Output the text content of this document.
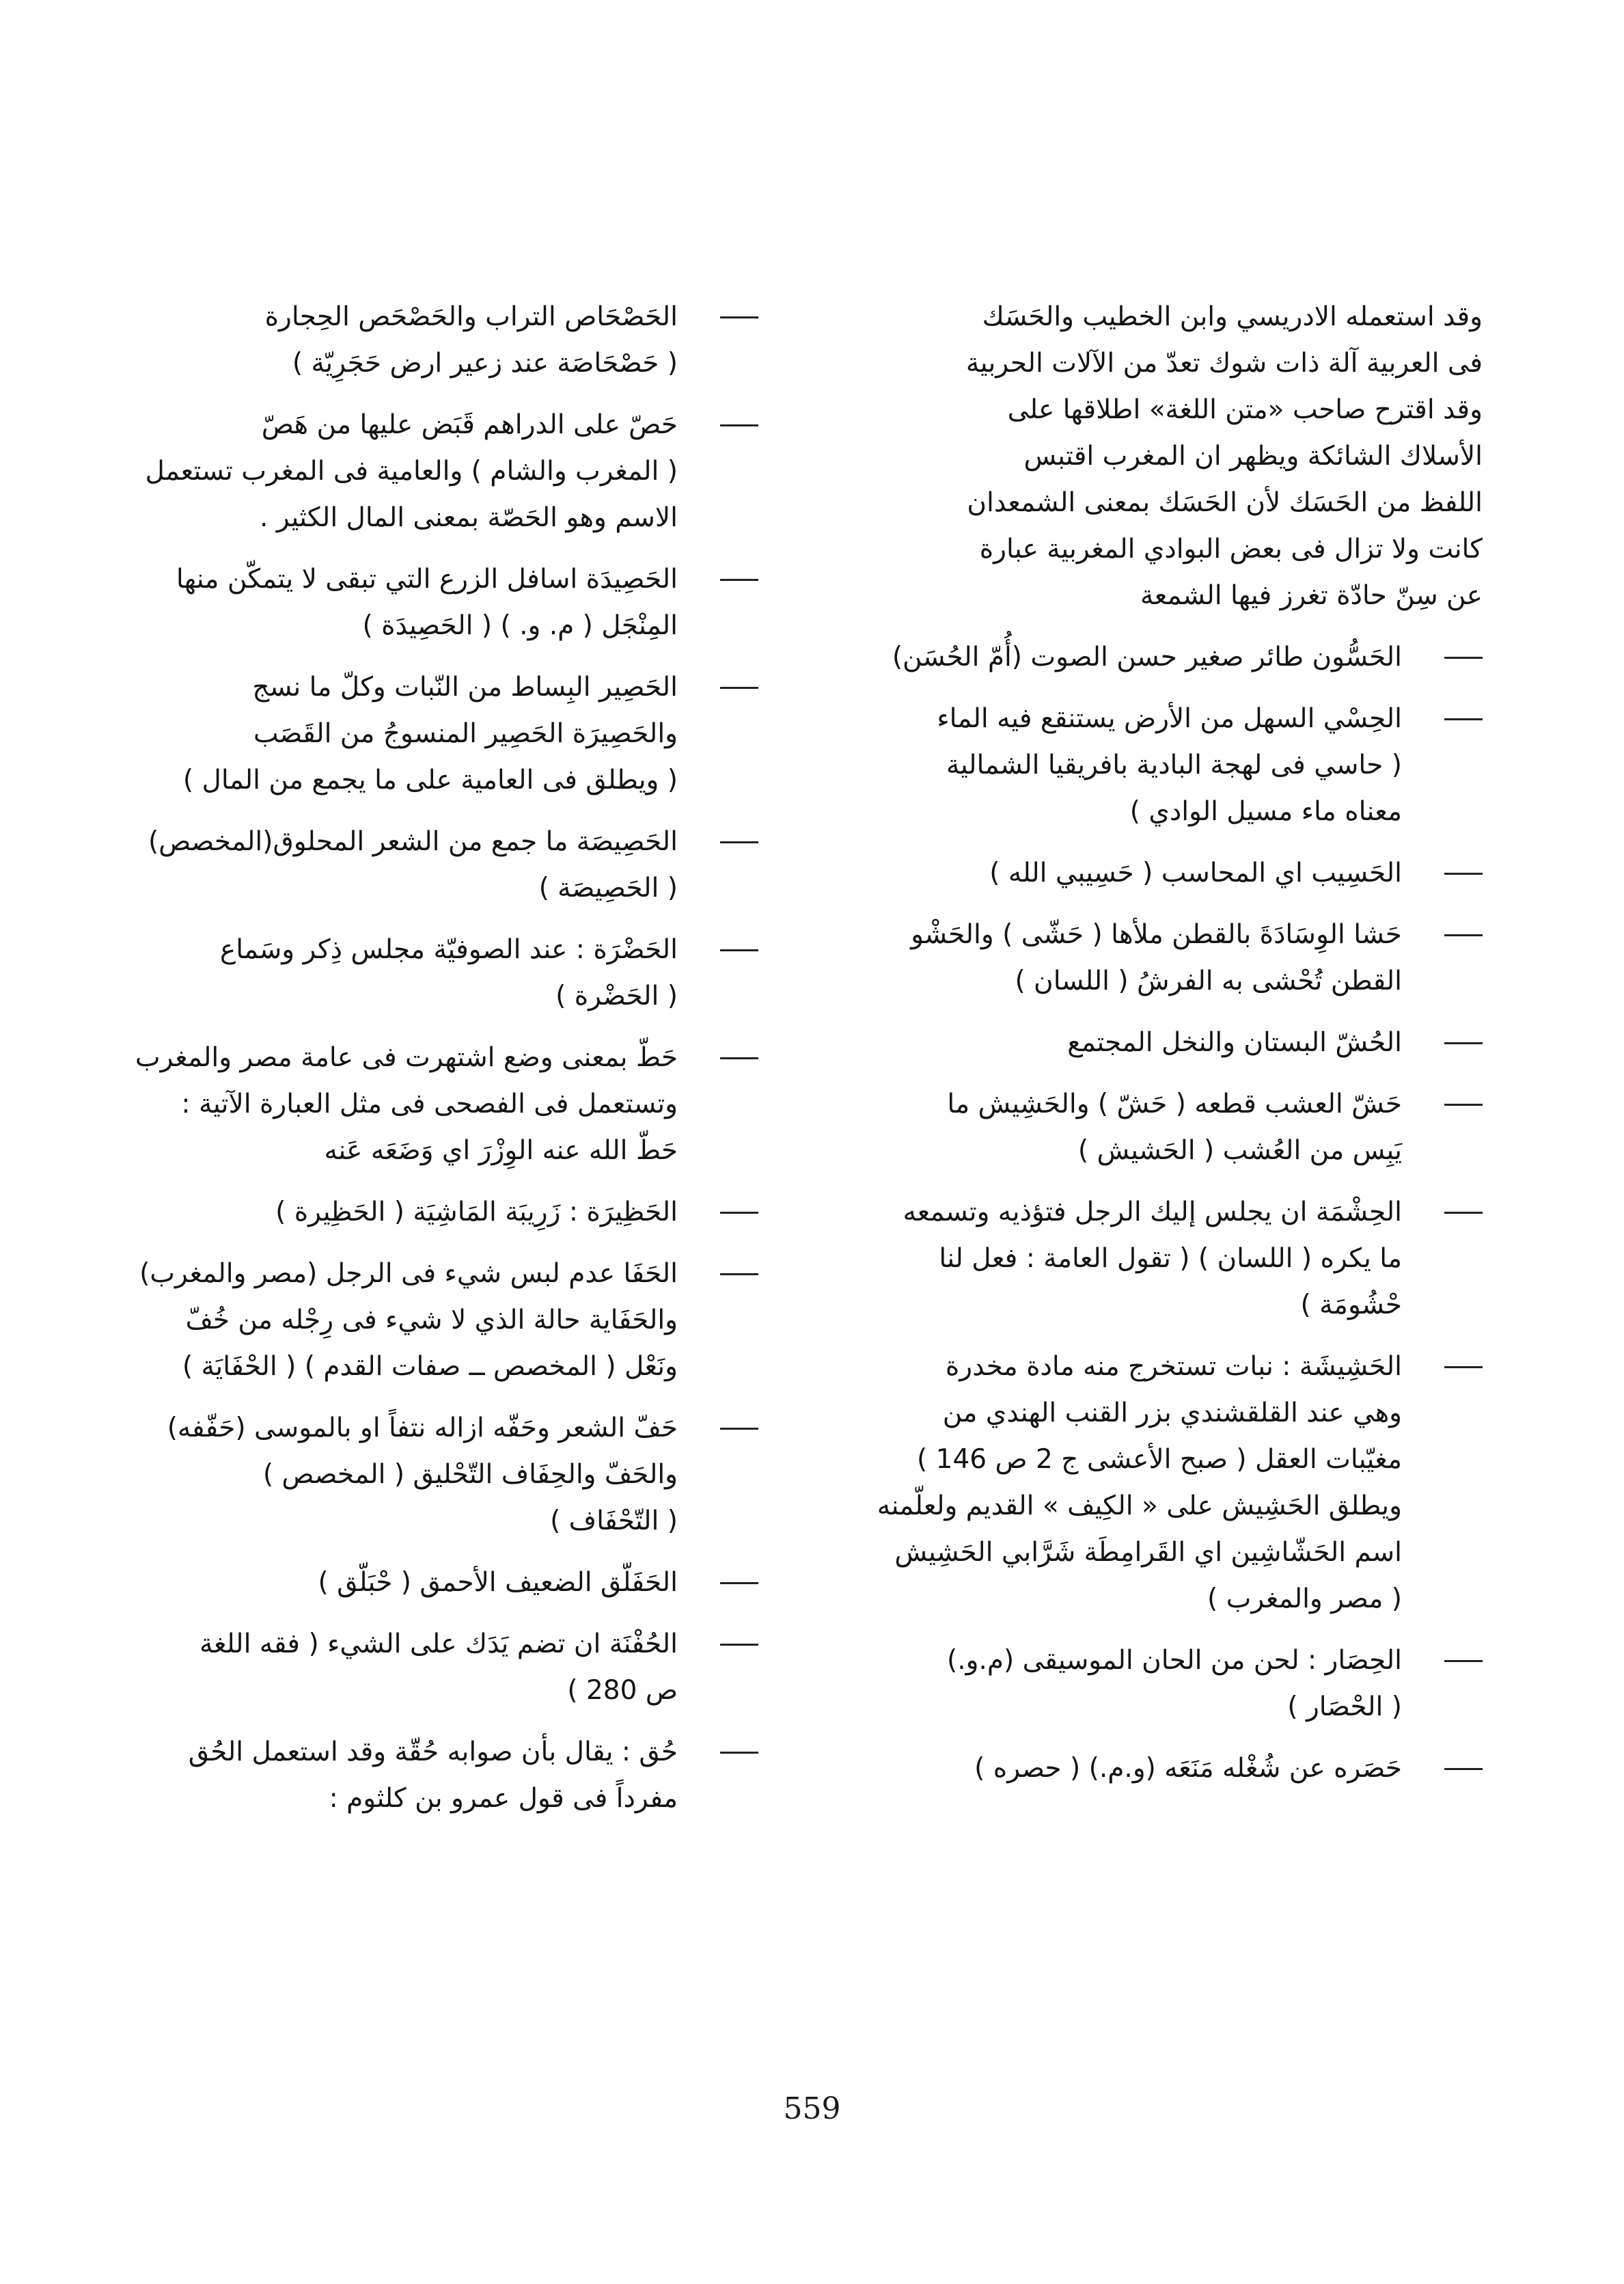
وقد استعمله الادريسي وابن الخطيب والحَسَك
فى العربية آلة ذات شوك تعدّ من الآلات الحربية
وقد اقترح صاحب «متن اللغة» اطلاقها على
الأسلاك الشائكة ويظهر ان المغرب اقتبس
اللفظ من الحَسَك لأن الحَسَك بمعنى الشمعدان
كانت ولا تزال فى بعض البوادي المغربية عبارة
عن سِنّ حادّة تغرز فيها الشمعة
الحَسُّون طائر صغير حسن الصوت (أُمّ الحُسَن)
الحِسْي السهل من الأرض يستنقع فيه الماء
( حاسي فى لهجة البادية بافريقيا الشمالية
معناه ماء مسيل الوادي )
الحَسِيب اي المحاسب ( حَسِيبي الله )
حَشا الوِسَادَةَ بالقطن ملأها ( حَشّى ) والحَشْو
القطن تُحْشى به الفرشُ ( اللسان )
الحُشّ البستان والنخل المجتمع
حَشّ العشب قطعه ( حَشّ ) والحَشِيش ما
يَبِس من العُشب ( الحَشيش )
الحِشْمَة ان يجلس إليك الرجل فتؤذيه وتسمعه
ما يكره ( اللسان ) ( تقول العامة : فعل لنا
حْشُومَة )
الحَشِيشَة : نبات تستخرج منه مادة مخدرة
وهي عند القلقشندي بزر القنب الهندي من
مغيّبات العقل ( صبح الأعشى ج 2 ص 146 )
ويطلق الحَشِيش على « الكِيف » القديم ولعلّمنه
اسم الحَشّاشِين اي القَرامِطَة شَرَّابي الحَشِيش
( مصر والمغرب )
الحِصَار : لحن من الحان الموسيقى (م.و.)
( الحْصَار )
حَصَره عن شُغْله مَنَعَه (و.م.) ( حصره )
الحَصْحَاص التراب والحَصْحَص الحِجارة
( حَصْحَاصَة عند زعير ارض حَجَرِيّة )
حَصّ على الدراهم قَبَض عليها من هَصّ
( المغرب والشام ) والعامية فى المغرب تستعمل
الاسم وهو الحَصّة بمعنى المال الكثير .
الحَصِيدَة اسافل الزرع التي تبقى لا يتمكّن منها
المِنْجَل ( م. و. ) ( الحَصِيدَة )
الحَصِير البِساط من النّبات وكلّ ما نسج
والحَصِيرَة الحَصِير المنسوجُ من القَصَب
( ويطلق فى العامية على ما يجمع من المال )
الحَصِيصَة ما جمع من الشعر المحلوق(المخصص)
( الحَصِيصَة )
الحَضْرَة : عند الصوفيّة مجلس ذِكر وسَماع
( الحَضْرة )
حَطّ بمعنى وضع اشتهرت فى عامة مصر والمغرب
وتستعمل فى الفصحى فى مثل العبارة الآتية :
حَطّ الله عنه الوِزْرَ اي وَضَعَه عَنه
الحَظِيرَة : زَرِيبَة المَاشِيَة ( الحَظِيرة )
الحَفَا عدم لبس شيء فى الرجل (مصر والمغرب)
والحَفَاية حالة الذي لا شيء فى رِجْله من خُفّ
ونَعْل ( المخصص ــ صفات القدم ) ( الحْفَايَة )
حَفّ الشعر وحَفّه ازاله نتفاً او بالموسى (حَفّفه)
والحَفّ والحِفَاف التّحْليق ( المخصص )
( التّحْفَاف )
الحَفَلّق الضعيف الأحمق ( حْبَلّق )
الحُفْنَة ان تضم يَدَك على الشيء ( فقه اللغة
ص 280 )
حُق : يقال بأن صوابه حُقّة وقد استعمل الحُق
مفرداً فى قول عمرو بن كلثوم :
559
